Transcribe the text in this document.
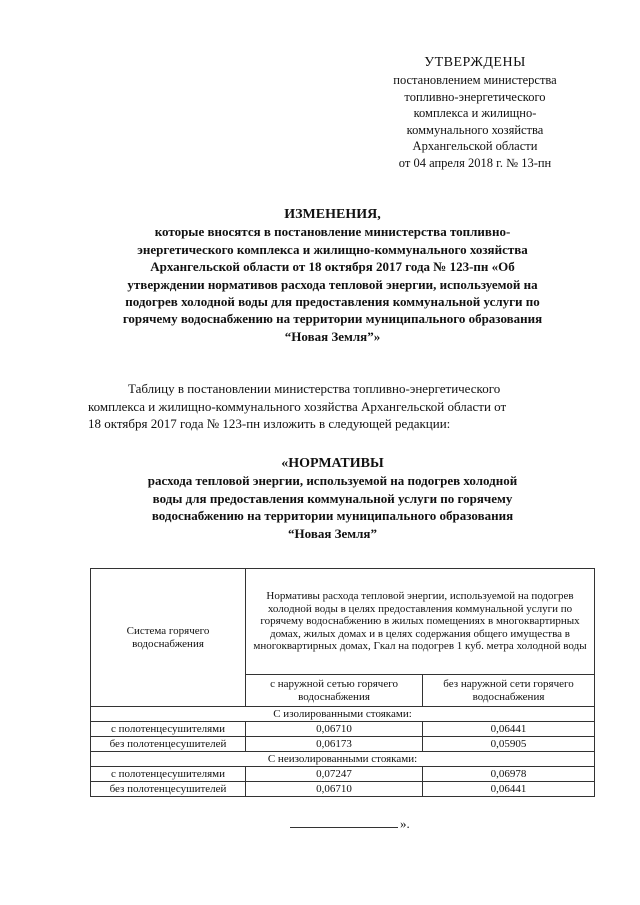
УТВЕРЖДЕНЫ
постановлением министерства
топливно-энергетического
комплекса и жилищно-
коммунального хозяйства
Архангельской области
от 04 апреля 2018 г. № 13-пн
ИЗМЕНЕНИЯ,
которые вносятся в постановление министерства топливно-
энергетического комплекса и жилищно-коммунального хозяйства
Архангельской области от 18 октября 2017 года № 123-пн «Об
утверждении нормативов расхода тепловой энергии, используемой на
подогрев холодной воды для предоставления коммунальной услуги по
горячему водоснабжению на территории муниципального образования
“Новая Земля”»
Таблицу в постановлении министерства топливно-энергетического
комплекса и жилищно-коммунального хозяйства Архангельской области от
18 октября 2017 года № 123-пн изложить в следующей редакции:
«НОРМАТИВЫ
расхода тепловой энергии, используемой на подогрев холодной
воды для предоставления коммунальной услуги по горячему
водоснабжению на территории муниципального образования
“Новая Земля”
Система горячего водоснабжения	Нормативы расхода тепловой энергии, используемой на подогрев холодной воды в целях предоставления коммунальной услуги по горячему водоснабжению в жилых помещениях в многоквартирных домах, жилых домах и в целях содержания общего имущества в многоквартирных домах, Гкал на подогрев 1 куб. метра холодной воды	
	с наружной сетью горячего водоснабжения	без наружной сети горячего водоснабжения
С изолированными стояками:		
с полотенцесушителями	0,06710	0,06441
без полотенцесушителей	0,06173	0,05905
С неизолированными стояками:		
с полотенцесушителями	0,07247	0,06978
без полотенцесушителей	0,06710	0,06441
».
